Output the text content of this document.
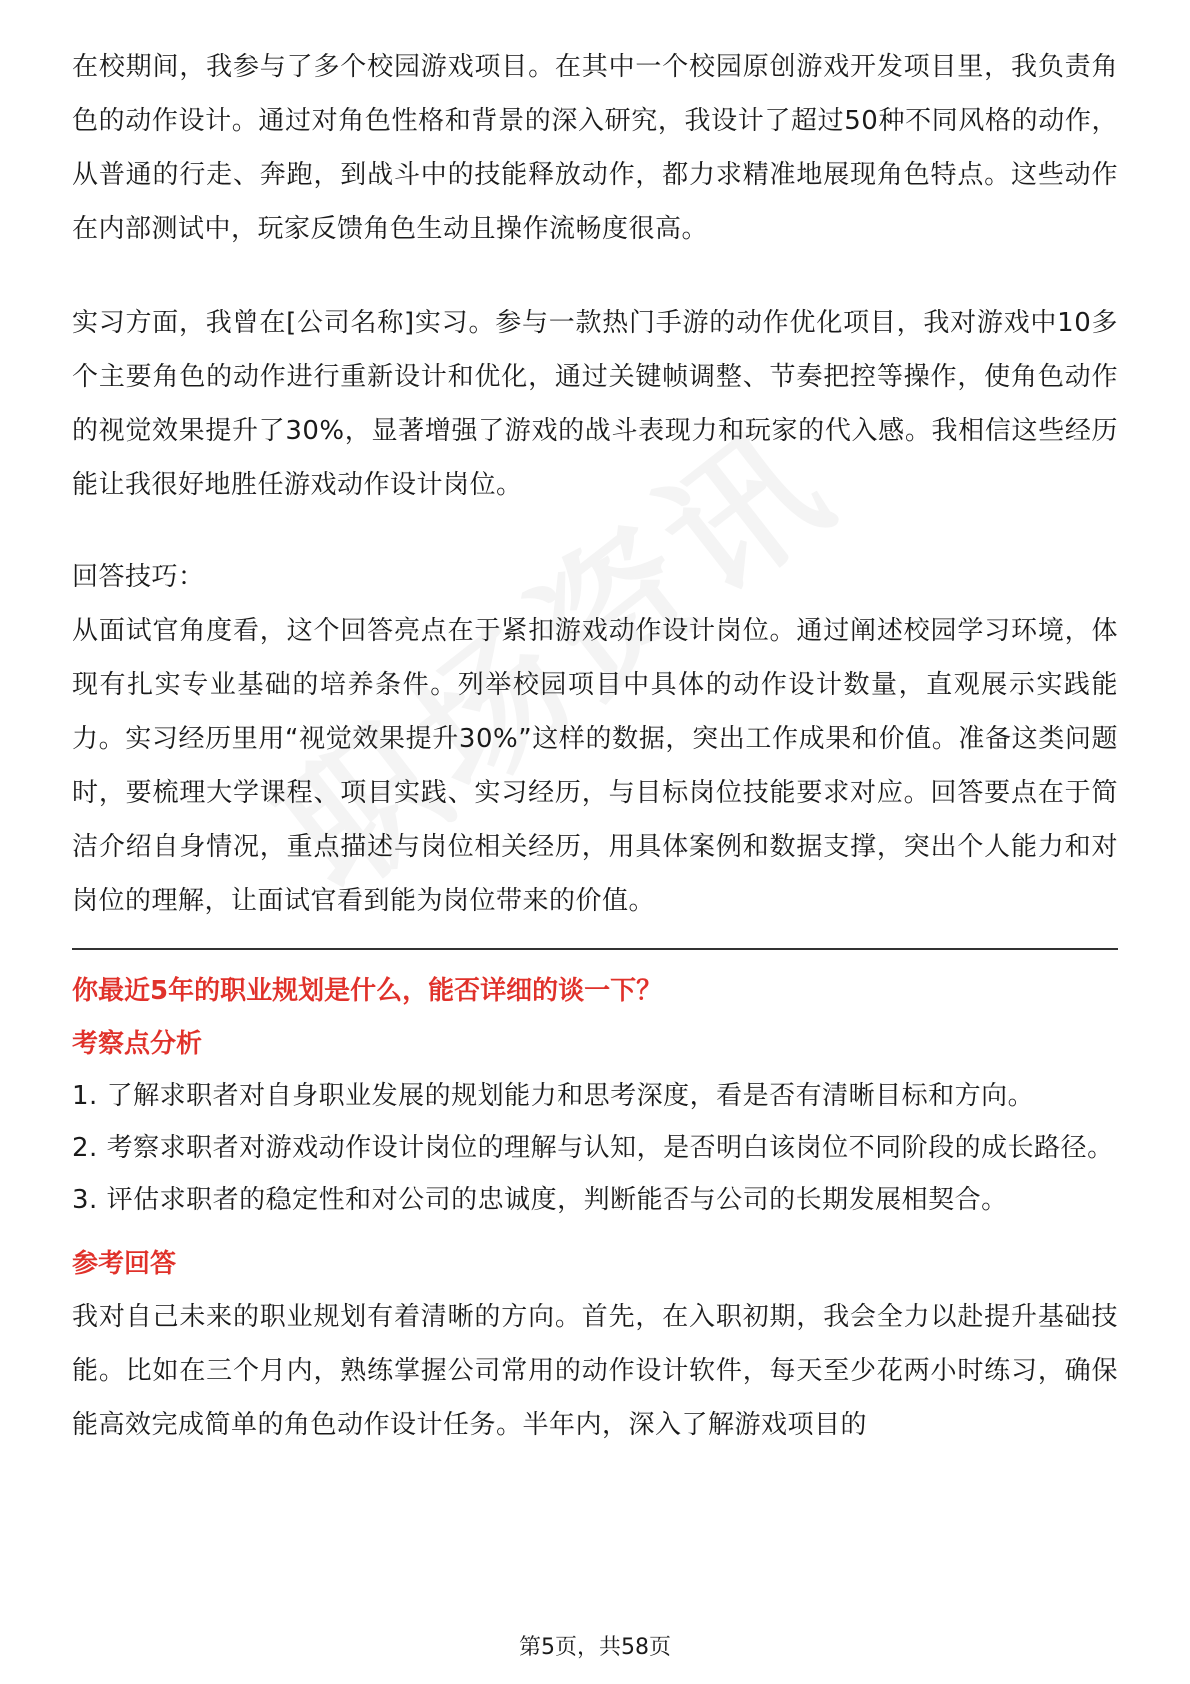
在校期间，我参与了多个校园游戏项目。在其中一个校园原创游戏开发项目里，我负责角色的动作设计。通过对角色性格和背景的深入研究，我设计了超过50种不同风格的动作，从普通的行走、奔跑，到战斗中的技能释放动作，都力求精准地展现角色特点。这些动作在内部测试中，玩家反馈角色生动且操作流畅度很高。

实习方面，我曾在[公司名称]实习。参与一款热门手游的动作优化项目，我对游戏中10多个主要角色的动作进行重新设计和优化，通过关键帧调整、节奏把控等操作，使角色动作的视觉效果提升了30%，显著增强了游戏的战斗表现力和玩家的代入感。我相信这些经历能让我很好地胜任游戏动作设计岗位。

回答技巧：

从面试官角度看，这个回答亮点在于紧扣游戏动作设计岗位。通过阐述校园学习环境，体现有扎实专业基础的培养条件。列举校园项目中具体的动作设计数量，直观展示实践能力。实习经历里用“视觉效果提升30%”这样的数据，突出工作成果和价值。准备这类问题时，要梳理大学课程、项目实践、实习经历，与目标岗位技能要求对应。回答要点在于简洁介绍自身情况，重点描述与岗位相关经历，用具体案例和数据支撑，突出个人能力和对岗位的理解，让面试官看到能为岗位带来的价值。

你最近5年的职业规划是什么，能否详细的谈一下？

考察点分析

1. 了解求职者对自身职业发展的规划能力和思考深度，看是否有清晰目标和方向。

2. 考察求职者对游戏动作设计岗位的理解与认知，是否明白该岗位不同阶段的成长路径。

3. 评估求职者的稳定性和对公司的忠诚度，判断能否与公司的长期发展相契合。

参考回答

我对自己未来的职业规划有着清晰的方向。首先，在入职初期，我会全力以赴提升基础技能。比如在三个月内，熟练掌握公司常用的动作设计软件，每天至少花两小时练习，确保能高效完成简单的角色动作设计任务。半年内，深入了解游戏项目的

第5页，共58页
